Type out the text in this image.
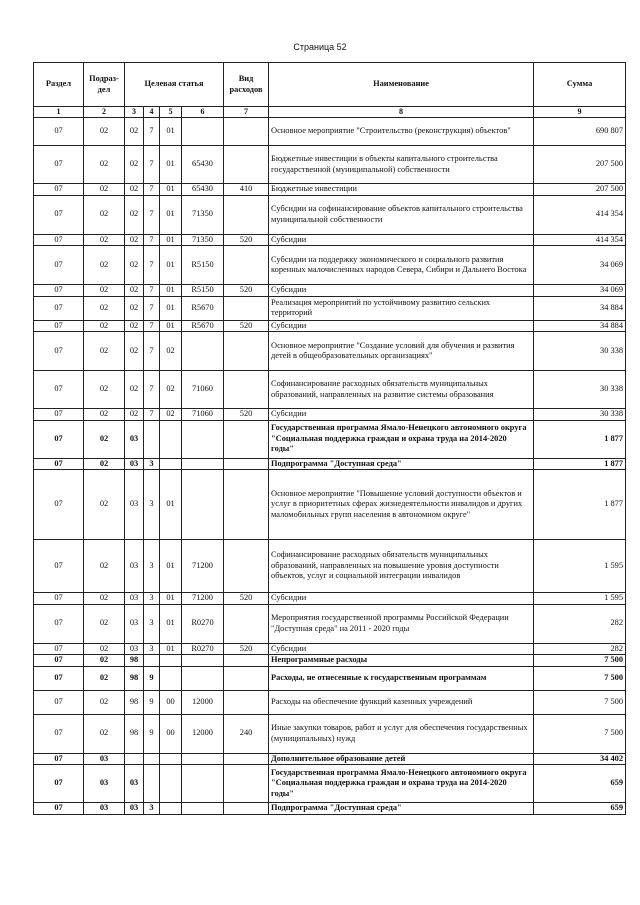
Страница 52
Раздел	Подраз-дел	Целевая статья				Вид расходов	Наименование	Сумма
1	2	3	4	5	6	7	8	9
07	02	02	7	01			Основное мероприятие "Строительство (реконструкция) объектов"	690 807
07	02	02	7	01	65430		Бюджетные инвестиции в объекты капитального строительства государственной (муниципальной) собственности	207 500
07	02	02	7	01	65430	410	Бюджетные инвестиции	207 500
07	02	02	7	01	71350		Субсидии на софинансирование объектов капитального строительства муниципальной собственности	414 354
07	02	02	7	01	71350	520	Субсидии	414 354
07	02	02	7	01	R5150		Субсидии на поддержку экономического и социального развития коренных малочисленных народов Севера, Сибири и Дальнего Востока	34 069
07	02	02	7	01	R5150	520	Субсидии	34 069
07	02	02	7	01	R5670		Реализация мероприятий по устойчивому развитию сельских территорий	34 884
07	02	02	7	01	R5670	520	Субсидии	34 884
07	02	02	7	02			Основное мероприятие "Создание условий для обучения и развития детей в общеобразовательных организациях"	30 338
07	02	02	7	02	71060		Софинансирование расходных обязательств муниципальных образований, направленных на развитие системы образования	30 338
07	02	02	7	02	71060	520	Субсидии	30 338
07	02	03					Государственная программа Ямало-Ненецкого автономного округа "Социальная поддержка граждан и охрана труда на 2014-2020 годы"	1 877
07	02	03	3				Подпрограмма "Доступная среда"	1 877
07	02	03	3	01			Основное мероприятие "Повышение условий доступности объектов и услуг в приоритетных сферах жизнедеятельности инвалидов и других маломобильных групп населения в автономном округе"	1 877
07	02	03	3	01	71200		Софинансирование расходных обязательств муниципальных образований, направленных на повышение уровня доступности объектов, услуг и социальной интеграции инвалидов	1 595
07	02	03	3	01	71200	520	Субсидии	1 595
07	02	03	3	01	R0270		Мероприятия государственной программы Российской Федерации "Доступная среда" на 2011 - 2020 годы	282
07	02	03	3	01	R0270	520	Субсидии	282
07	02	98					Непрограммные расходы	7 500
07	02	98	9				Расходы, не отнесенные к государственным программам	7 500
07	02	98	9	00	12000		Расходы на обеспечение функций казенных учреждений	7 500
07	02	98	9	00	12000	240	Иные закупки товаров, работ и услуг для обеспечения государственных (муниципальных) нужд	7 500
07	03						Дополнительное образование детей	34 402
07	03	03					Государственная программа Ямало-Ненецкого автономного округа "Социальная поддержка граждан и охрана труда на 2014-2020 годы"	659
07	03	03	3				Подпрограмма "Доступная среда"	659
